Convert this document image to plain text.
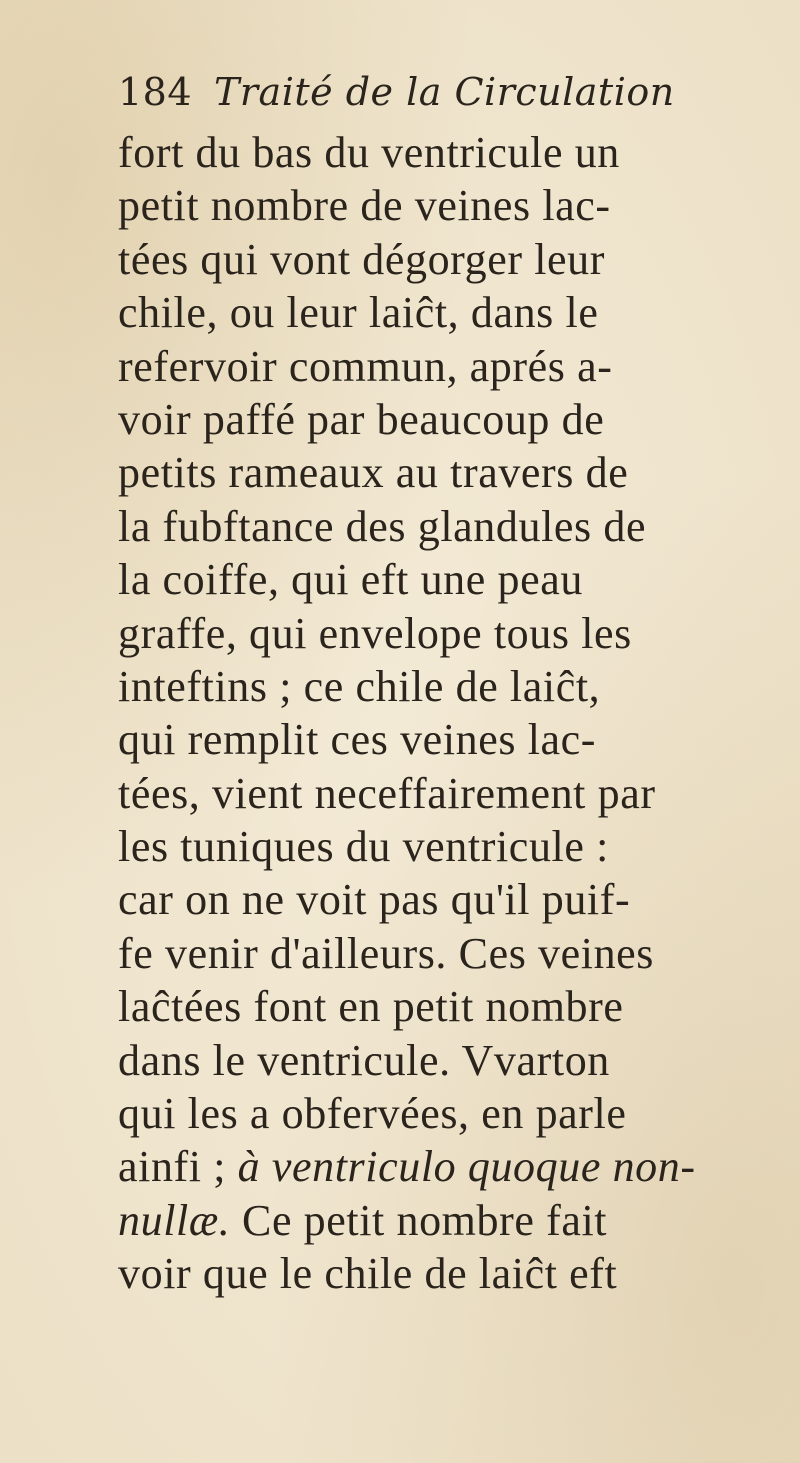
184 Traité de la Circulation
fort du bas du ventricule un
petit nombre de veines lac-
tées qui vont dégorger leur
chile, ou leur laiĉt, dans le
refervoir commun, aprés a-
voir paffé par beaucoup de
petits rameaux au travers de
la fubftance des glandules de
la coiffe, qui eft une peau
graffe, qui envelope tous les
inteftins ; ce chile de laiĉt,
qui remplit ces veines lac-
tées, vient neceffairement par
les tuniques du ventricule :
car on ne voit pas qu'il puif-
fe venir d'ailleurs. Ces veines
laĉtées font en petit nombre
dans le ventricule. Vvarton
qui les a obfervées, en parle
ainfi ; à ventriculo quoque non-
nullæ. Ce petit nombre fait
voir que le chile de laiĉt eft
